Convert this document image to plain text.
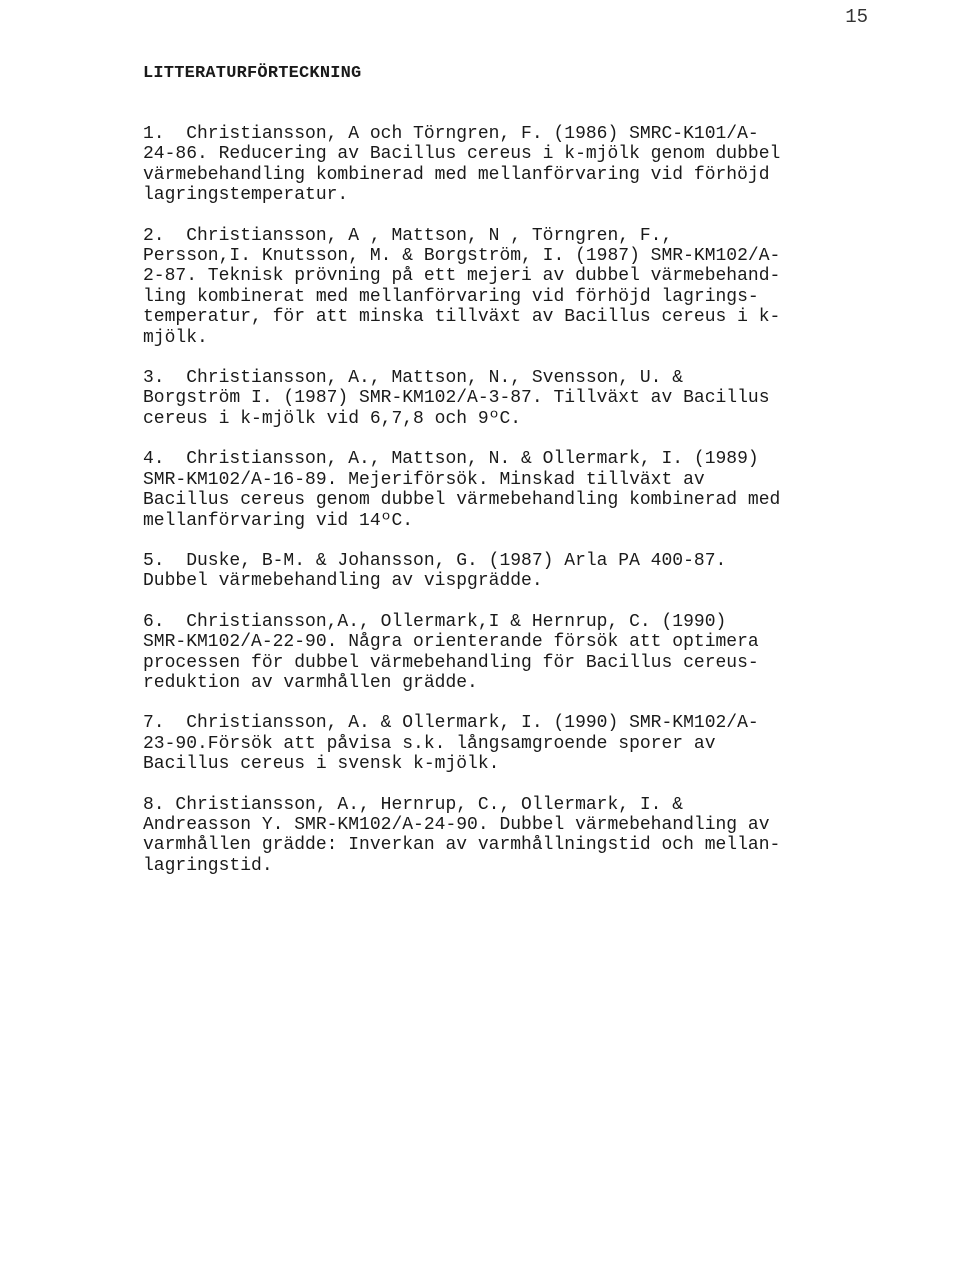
15
LITTERATURFÖRTECKNING
1.  Christiansson, A och Törngren, F. (1986) SMRC-K101/A-
24-86. Reducering av Bacillus cereus i k-mjölk genom dubbel
värmebehandling kombinerad med mellanförvaring vid förhöjd
lagringstemperatur.
2.  Christiansson, A , Mattson, N , Törngren, F.,
Persson,I. Knutsson, M. & Borgström, I. (1987) SMR-KM102/A-
2-87. Teknisk prövning på ett mejeri av dubbel värmebehand-
ling kombinerat med mellanförvaring vid förhöjd lagrings-
temperatur, för att minska tillväxt av Bacillus cereus i k-
mjölk.
3.  Christiansson, A., Mattson, N., Svensson, U. &
Borgström I. (1987) SMR-KM102/A-3-87. Tillväxt av Bacillus
cereus i k-mjölk vid 6,7,8 och 9ºC.
4.  Christiansson, A., Mattson, N. & Ollermark, I. (1989)
SMR-KM102/A-16-89. Mejeriförsök. Minskad tillväxt av
Bacillus cereus genom dubbel värmebehandling kombinerad med
mellanförvaring vid 14ºC.
5.  Duske, B-M. & Johansson, G. (1987) Arla PA 400-87.
Dubbel värmebehandling av vispgrädde.
6.  Christiansson,A., Ollermark,I & Hernrup, C. (1990)
SMR-KM102/A-22-90. Några orienterande försök att optimera
processen för dubbel värmebehandling för Bacillus cereus-
reduktion av varmhållen grädde.
7.  Christiansson, A. & Ollermark, I. (1990) SMR-KM102/A-
23-90.Försök att påvisa s.k. långsamgroende sporer av
Bacillus cereus i svensk k-mjölk.
8. Christiansson, A., Hernrup, C., Ollermark, I. &
Andreasson Y. SMR-KM102/A-24-90. Dubbel värmebehandling av
varmhållen grädde: Inverkan av varmhållningstid och mellan-
lagringstid.
